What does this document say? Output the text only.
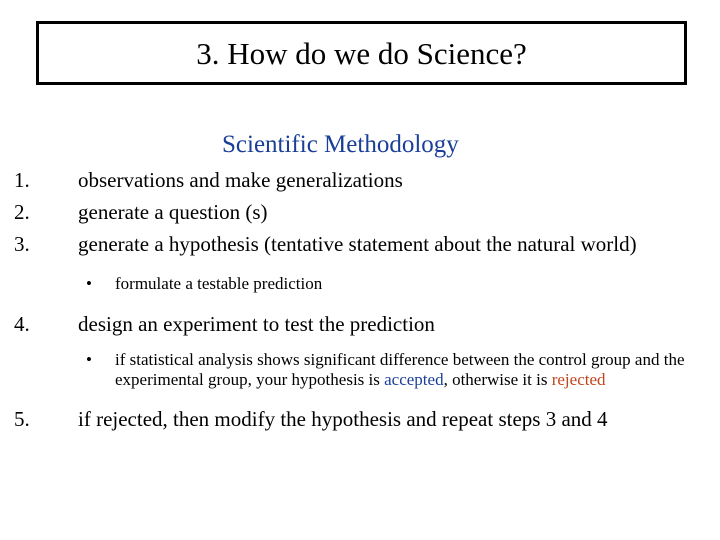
3. How do we do Science?
Scientific Methodology
1.	observations and make generalizations
2.	generate a question (s)
3.	generate a hypothesis (tentative statement about the natural world)
• formulate a testable prediction
4.	design an experiment to test the prediction
• if statistical analysis shows significant difference between the control group and the experimental group, your hypothesis is accepted, otherwise it is rejected
5.	if rejected, then modify the hypothesis and repeat steps 3 and 4
